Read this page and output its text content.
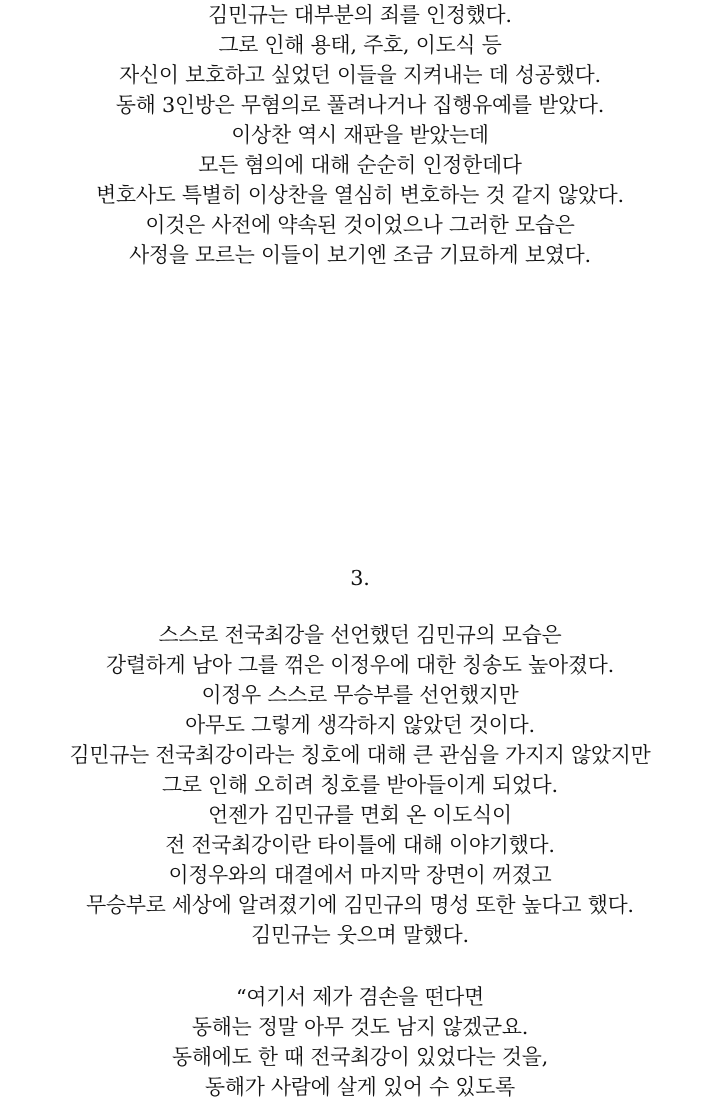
김민규는 대부분의 죄를 인정했다.
그로 인해 용태, 주호, 이도식 등
자신이 보호하고 싶었던 이들을 지켜내는 데 성공했다.
동해 3인방은 무혐의로 풀려나거나 집행유예를 받았다.
이상찬 역시 재판을 받았는데
모든 혐의에 대해 순순히 인정한데다
변호사도 특별히 이상찬을 열심히 변호하는 것 같지 않았다.
이것은 사전에 약속된 것이었으나 그러한 모습은
사정을 모르는 이들이 보기엔 조금 기묘하게 보였다.
3.
스스로 전국최강을 선언했던 김민규의 모습은
강렬하게 남아 그를 꺾은 이정우에 대한 칭송도 높아졌다.
이정우 스스로 무승부를 선언했지만
아무도 그렇게 생각하지 않았던 것이다.
김민규는 전국최강이라는 칭호에 대해 큰 관심을 가지지 않았지만
그로 인해 오히려 칭호를 받아들이게 되었다.
언젠가 김민규를 면회 온 이도식이
전 전국최강이란 타이틀에 대해 이야기했다.
이정우와의 대결에서 마지막 장면이 꺼졌고
무승부로 세상에 알려졌기에 김민규의 명성 또한 높다고 했다.
김민규는 웃으며 말했다.
“여기서 제가 겸손을 떤다면
동해는 정말 아무 것도 남지 않겠군요.
동해에도 한 때 전국최강이 있었다는 것을,
동해가 사람에 살게 있어 수 있도록
